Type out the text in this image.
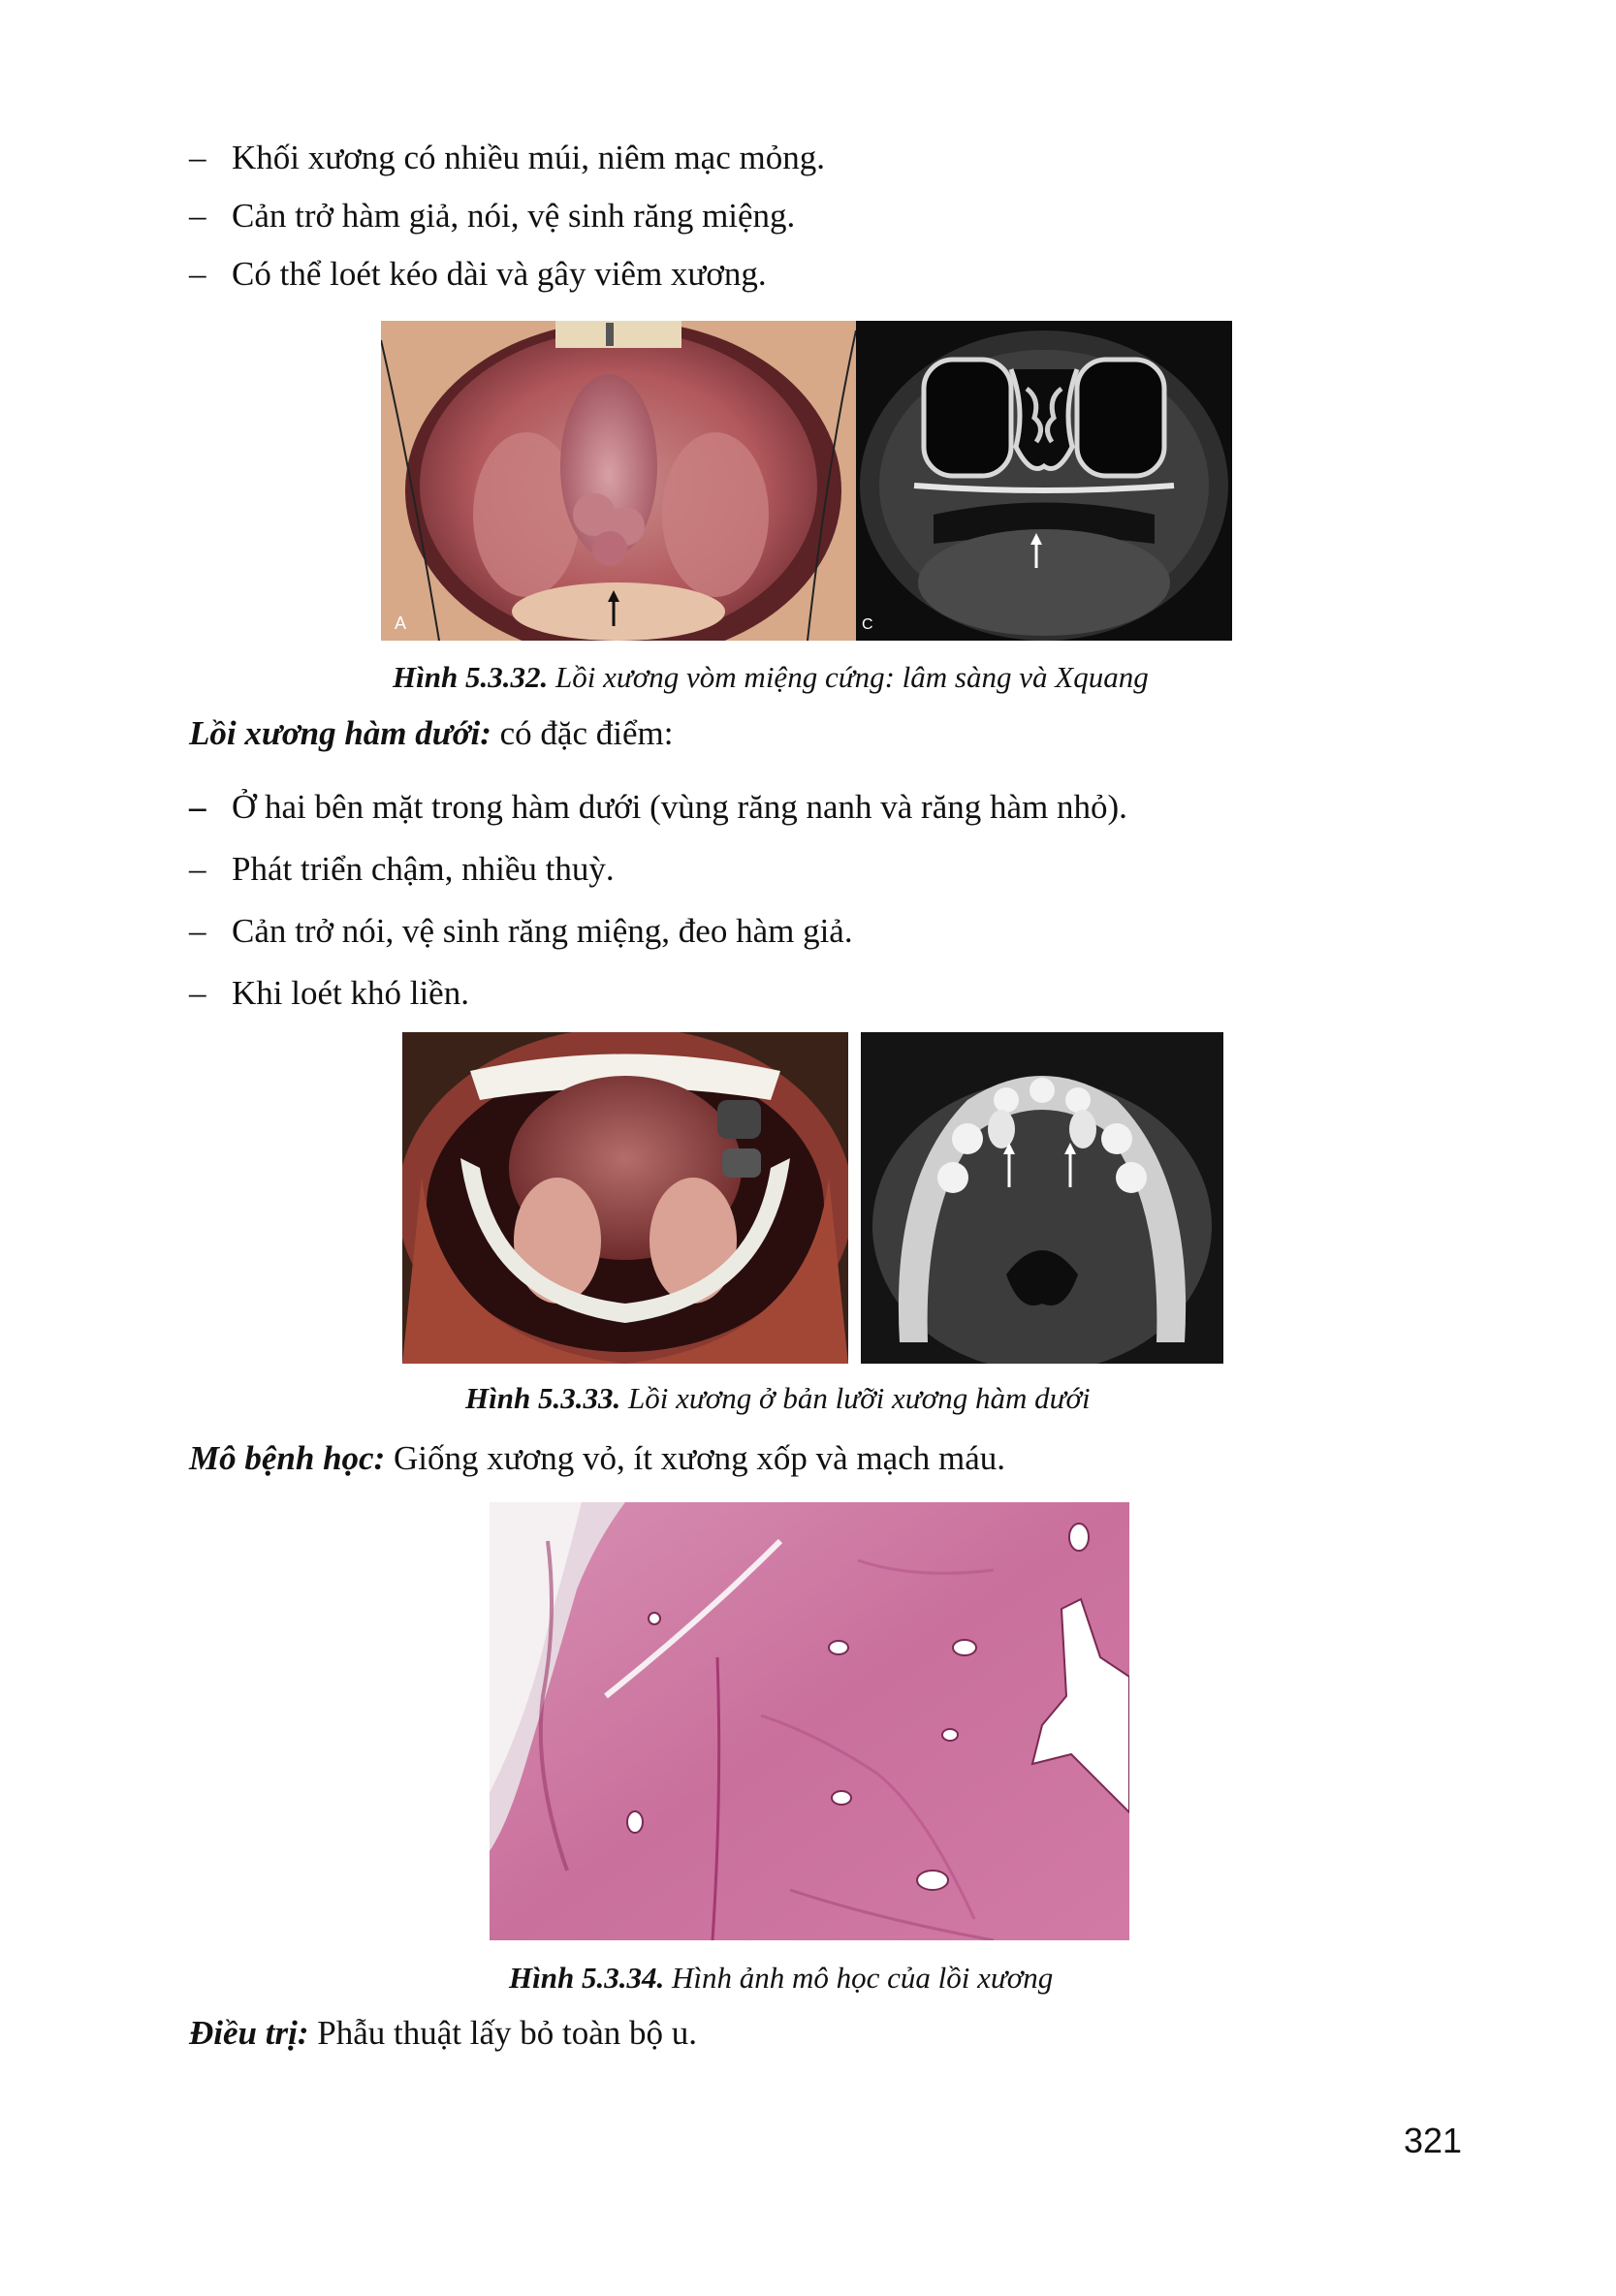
– Khối xương có nhiều múi, niêm mạc mỏng.
– Cản trở hàm giả, nói, vệ sinh răng miệng.
– Có thể loét kéo dài và gây viêm xương.
A	C

Hình 5.3.32. Lồi xương vòm miệng cứng: lâm sàng và Xquang

Lồi xương hàm dưới: có đặc điểm:

– Ở hai bên mặt trong hàm dưới (vùng răng nanh và răng hàm nhỏ).
– Phát triển chậm, nhiều thuỳ.
– Cản trở nói, vệ sinh răng miệng, đeo hàm giả.
– Khi loét khó liền.

Hình 5.3.33. Lồi xương ở bản lưỡi xương hàm dưới

Mô bệnh học: Giống xương vỏ, ít xương xốp và mạch máu.

Hình 5.3.34. Hình ảnh mô học của lồi xương

Điều trị: Phẫu thuật lấy bỏ toàn bộ u.

321
